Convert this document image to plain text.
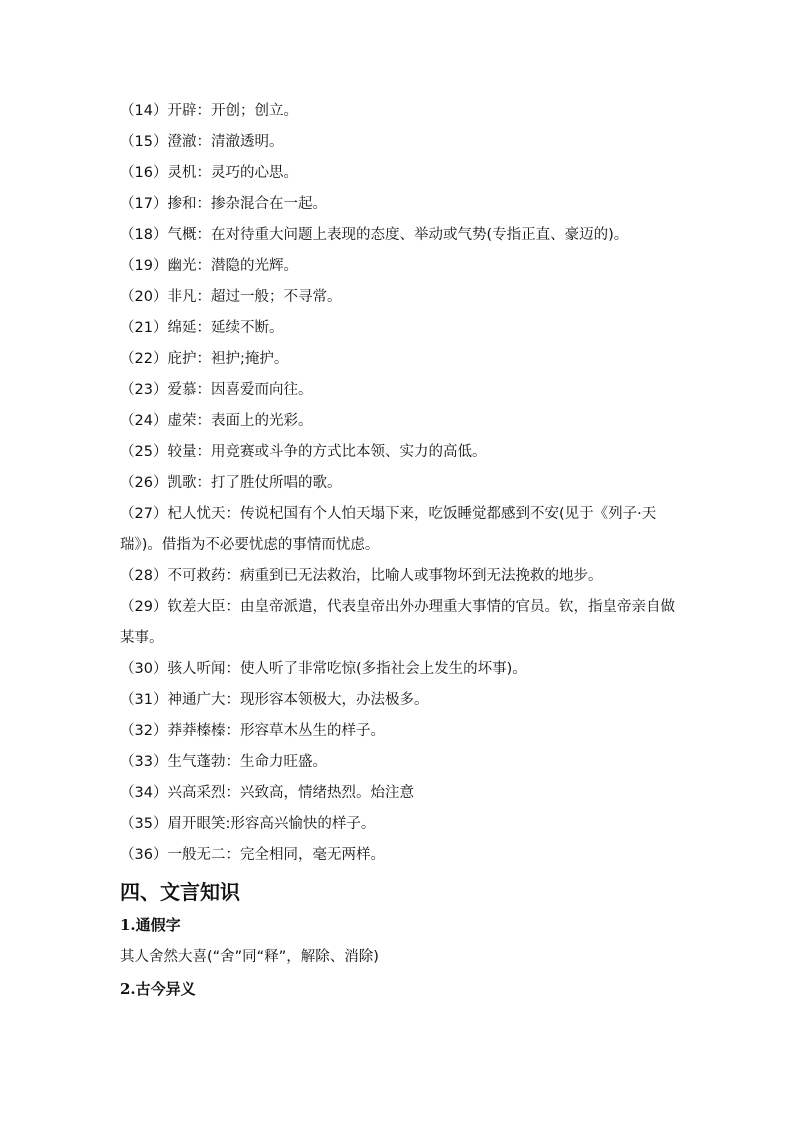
（14）开辟：开创；创立。

（15）澄澈：清澈透明。

（16）灵机：灵巧的心思。

（17）掺和：掺杂混合在一起。

（18）气概：在对待重大问题上表现的态度、举动或气势(专指正直、豪迈的)。

（19）幽光：潜隐的光辉。

（20）非凡：超过一般；不寻常。

（21）绵延：延续不断。

（22）庇护：袒护;掩护。

（23）爱慕：因喜爱而向往。

（24）虚荣：表面上的光彩。

（25）较量：用竞赛或斗争的方式比本领、实力的高低。

（26）凯歌：打了胜仗所唱的歌。

（27）杞人忧天：传说杞国有个人怕天塌下来，吃饭睡觉都感到不安(见于《列子·天瑞》)。借指为不必要忧虑的事情而忧虑。

（28）不可救药：病重到已无法救治，比喻人或事物坏到无法挽救的地步。

（29）钦差大臣：由皇帝派遣，代表皇帝出外办理重大事情的官员。钦，指皇帝亲自做某事。

（30）骇人听闻：使人听了非常吃惊(多指社会上发生的坏事)。

（31）神通广大：现形容本领极大，办法极多。

（32）莽莽榛榛：形容草木丛生的样子。

（33）生气蓬勃：生命力旺盛。

（34）兴高采烈：兴致高，情绪热烈。炲注意

（35）眉开眼笑:形容高兴愉快的样子。

（36）一般无二：完全相同，毫无两样。

四、文言知识
1.通假字

其人舍然大喜(“舍”同“释”，解除、消除)

2.古今异义
